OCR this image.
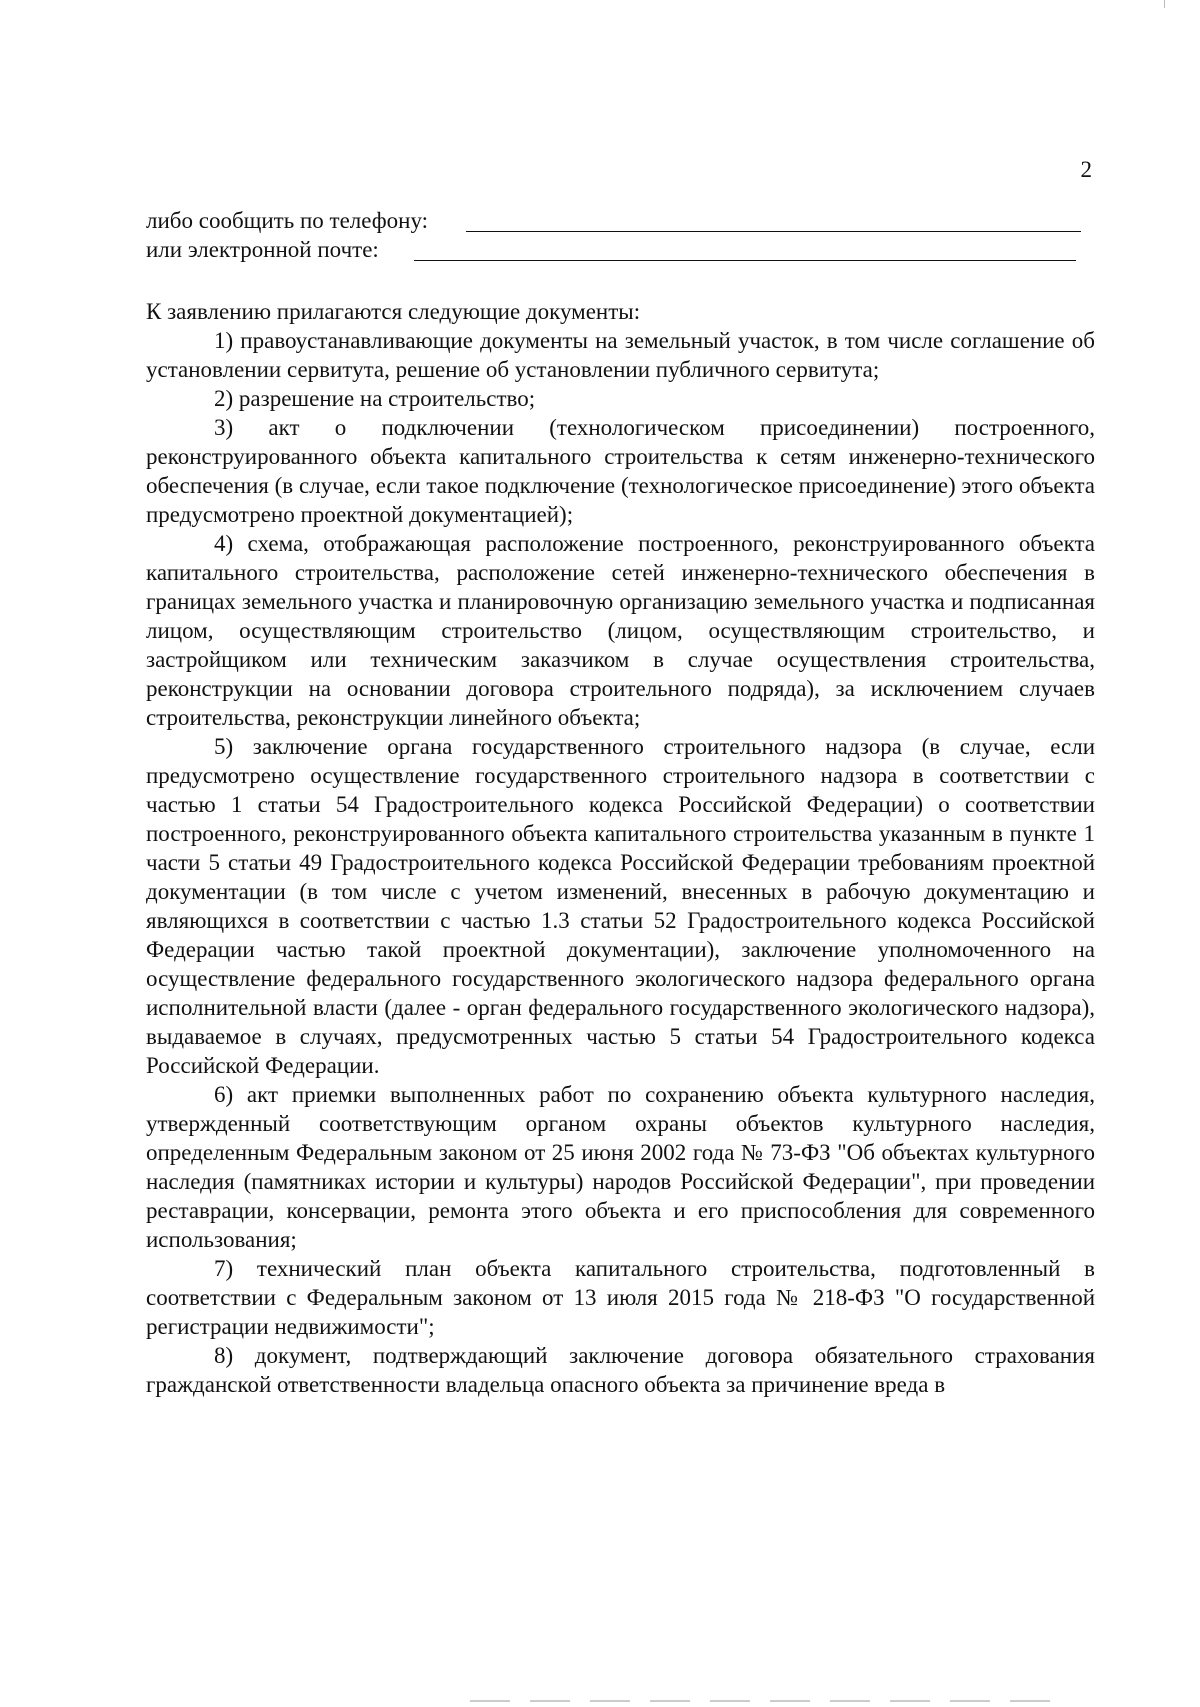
2
либо сообщить по телефону:
или электронной почте:

К заявлению прилагаются следующие документы:

1) правоустанавливающие документы на земельный участок, в том числе соглашение об установлении сервитута, решение об установлении публичного сервитута;

2) разрешение на строительство;

3) акт о подключении (технологическом присоединении) построенного, реконструированного объекта капитального строительства к сетям инженерно-технического обеспечения (в случае, если такое подключение (технологическое присоединение) этого объекта предусмотрено проектной документацией);

4) схема, отображающая расположение построенного, реконструированного объекта капитального строительства, расположение сетей инженерно-технического обеспечения в границах земельного участка и планировочную организацию земельного участка и подписанная лицом, осуществляющим строительство (лицом, осуществляющим строительство, и застройщиком или техническим заказчиком в случае осуществления строительства, реконструкции на основании договора строительного подряда), за исключением случаев строительства, реконструкции линейного объекта;

5) заключение органа государственного строительного надзора (в случае, если предусмотрено осуществление государственного строительного надзора в соответствии с частью 1 статьи 54 Градостроительного кодекса Российской Федерации) о соответствии построенного, реконструированного объекта капитального строительства указанным в пункте 1 части 5 статьи 49 Градостроительного кодекса Российской Федерации требованиям проектной документации (в том числе с учетом изменений, внесенных в рабочую документацию и являющихся в соответствии с частью 1.3 статьи 52 Градостроительного кодекса Российской Федерации частью такой проектной документации), заключение уполномоченного на осуществление федерального государственного экологического надзора федерального органа исполнительной власти (далее - орган федерального государственного экологического надзора), выдаваемое в случаях, предусмотренных частью 5 статьи 54 Градостроительного кодекса Российской Федерации.

6) акт приемки выполненных работ по сохранению объекта культурного наследия, утвержденный соответствующим органом охраны объектов культурного наследия, определенным Федеральным законом от 25 июня 2002 года № 73-ФЗ "Об объектах культурного наследия (памятниках истории и культуры) народов Российской Федерации", при проведении реставрации, консервации, ремонта этого объекта и его приспособления для современного использования;

7) технический план объекта капитального строительства, подготовленный в соответствии с Федеральным законом от 13 июля 2015 года № 218-ФЗ "О государственной регистрации недвижимости";

8) документ, подтверждающий заключение договора обязательного страхования гражданской ответственности владельца опасного объекта за причинение вреда в
